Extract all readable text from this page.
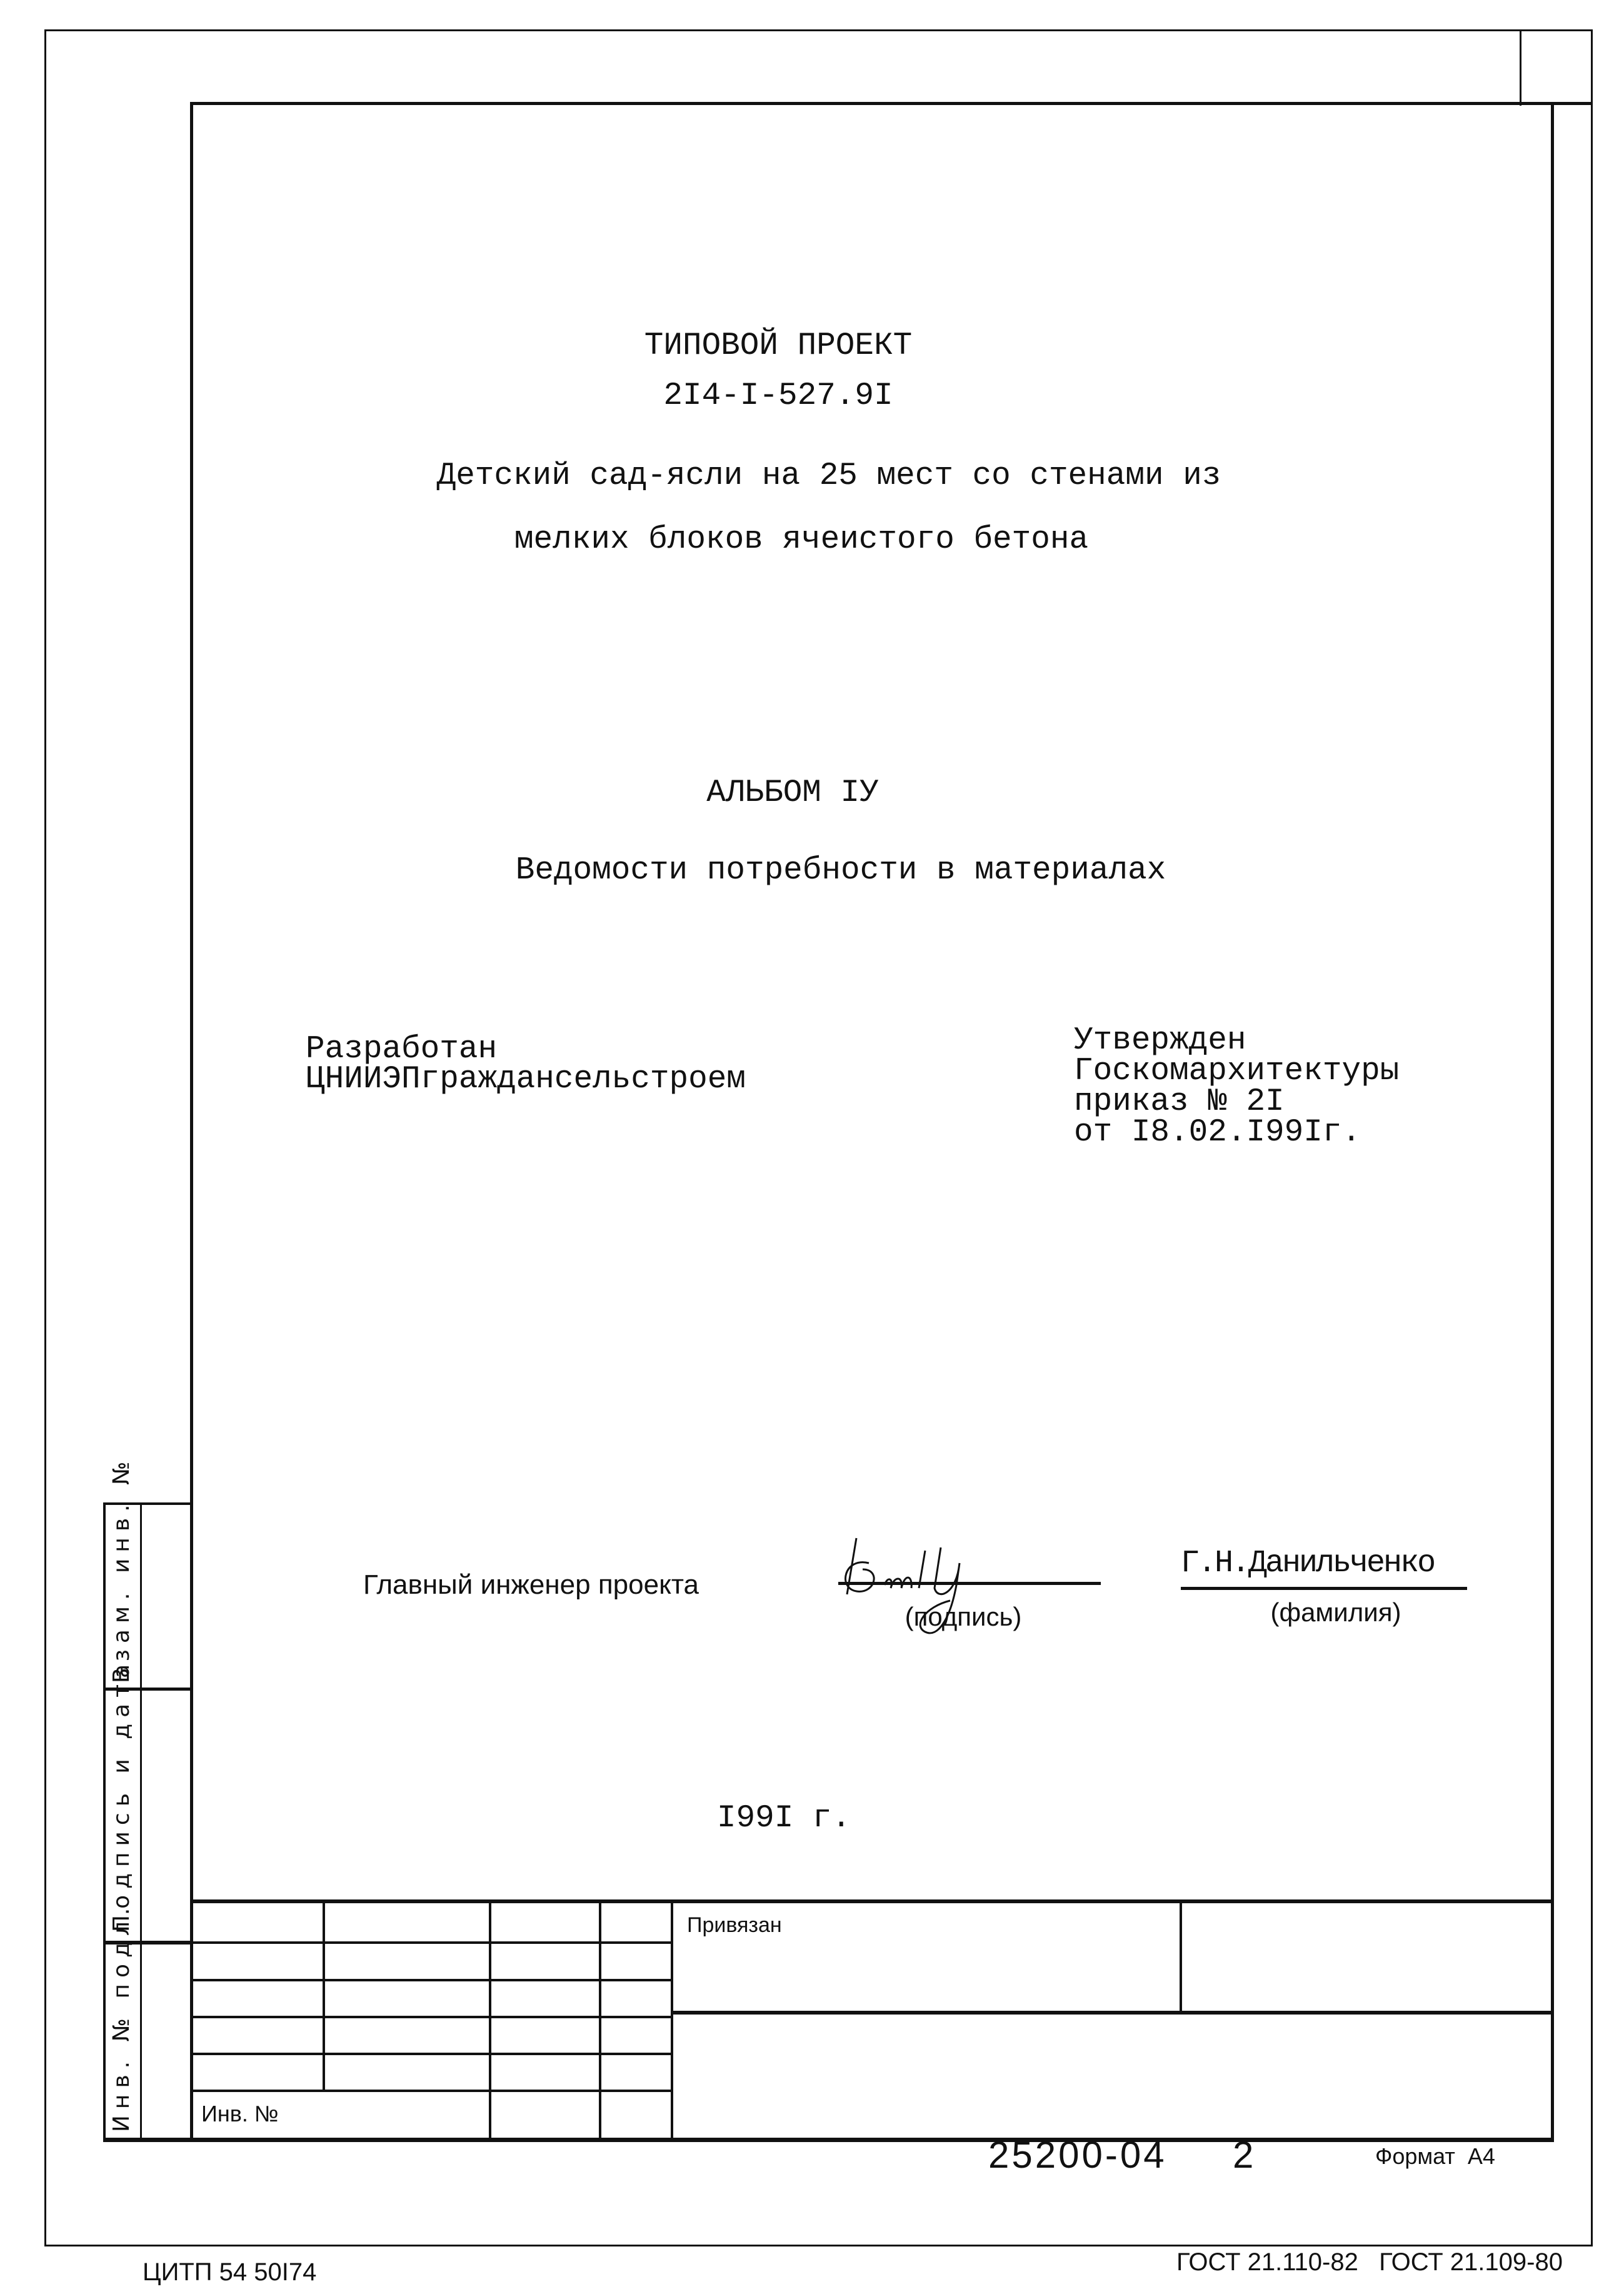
Взам. инв. №
Подпись и дата
Инв. № подл.
ТИПОВОЙ ПРОЕКТ
2I4-I-527.9I
Детский сад-ясли на 25 мест со стенами из
мелких блоков ячеистого бетона
АЛЬБОМ IУ
Ведомости потребности в материалах
Разработан
ЦНИИЭПграждансельстроем
Утвержден
Госкомархитектуры
приказ № 2I
от I8.02.I99Iг.
Главный инженер проекта
(подпись)
Г.Н.Данильченко
(фамилия)
I99I г.
Привязан
Инв. №
25200-04 2	Формат  А4
ЦИТП 54 50I74	ГОСТ 21.110-82   ГОСТ 21.109-80
